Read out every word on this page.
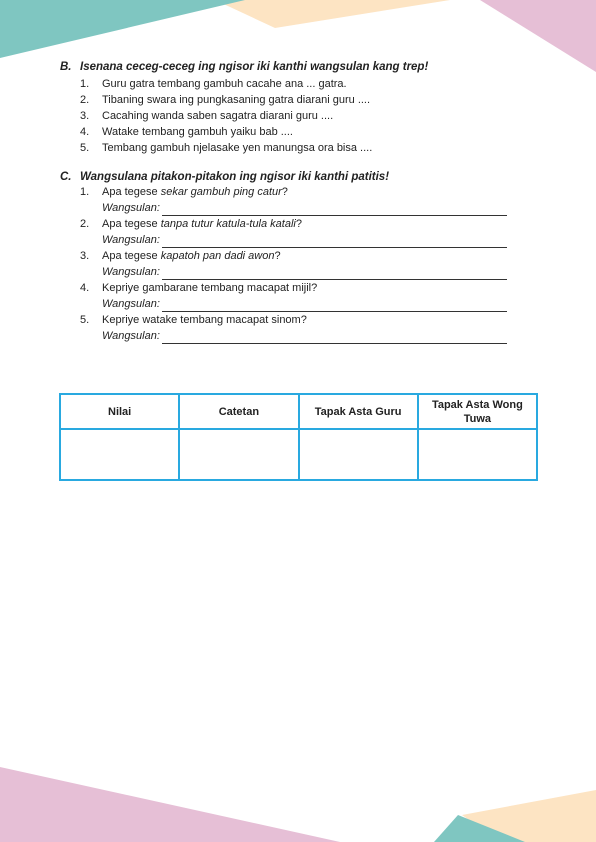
B. Isenana ceceg-ceceg ing ngisor iki kanthi wangsulan kang trep!
1.	Guru gatra tembang gambuh cacahe ana ... gatra.
2.	Tibaning swara ing pungkasaning gatra diarani guru ....
3.	Cacahing wanda saben sagatra diarani guru ....
4.	Watake tembang gambuh yaiku bab ....
5.	Tembang gambuh njelasake yen manungsa ora bisa ....
C. Wangsulana pitakon-pitakon ing ngisor iki kanthi patitis!
1.	Apa tegese sekar gambuh ping catur?
Wangsulan:
2.	Apa tegese tanpa tutur katula-tula katali?
Wangsulan:
3.	Apa tegese kapatoh pan dadi awon?
Wangsulan:
4.	Kepriye gambarane tembang macapat mijil?
Wangsulan:
5.	Kepriye watake tembang macapat sinom?
Wangsulan:
Nilai	Catetan	Tapak Asta Guru	Tapak Asta Wong Tuwa
